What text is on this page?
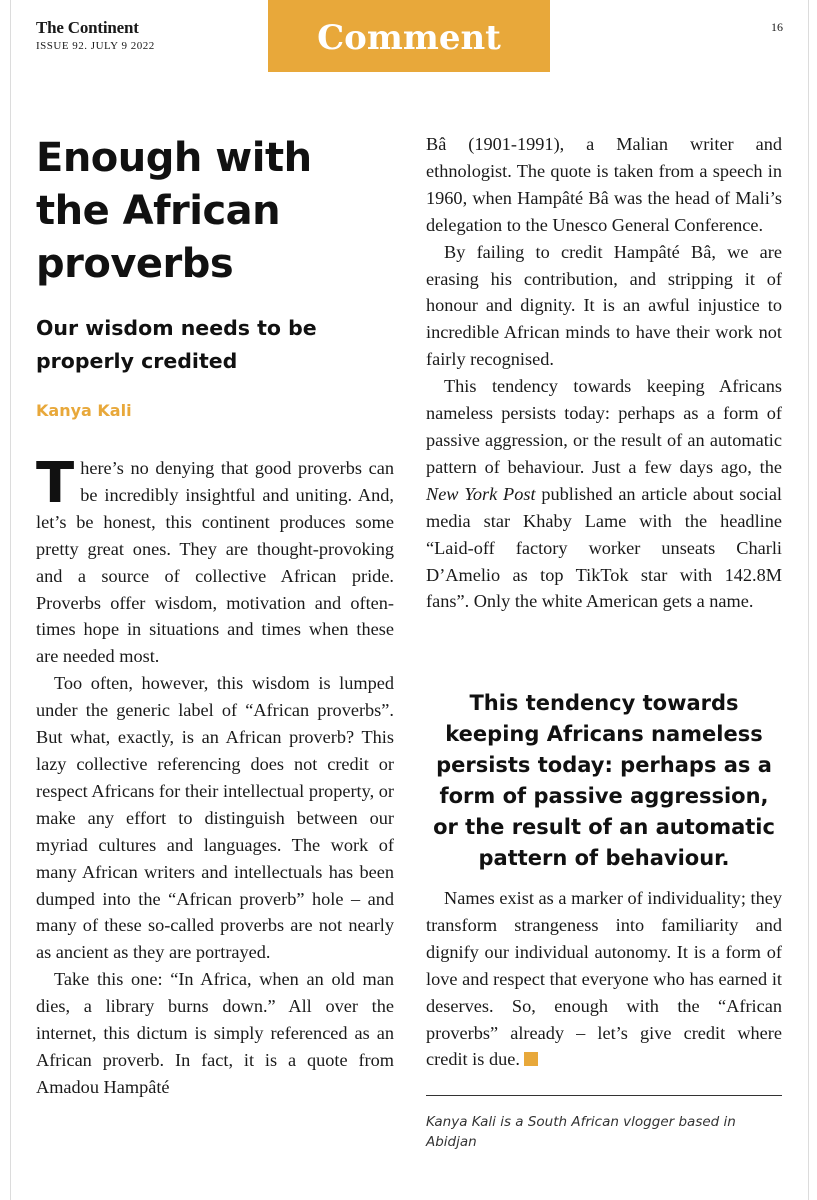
The Continent
ISSUE 92. JULY 9 2022	Comment	16
Enough with the African proverbs
Our wisdom needs to be properly credited
Kanya Kali

There’s no denying that good proverbs can be incredibly insightful and uniting. And, let’s be honest, this continent produces some pretty great ones. They are thought-provoking and a source of collective African pride. Proverbs offer wisdom, motivation and often-times hope in situations and times when these are needed most.

Too often, however, this wisdom is lumped under the generic label of “African proverbs”. But what, exactly, is an African proverb? This lazy collective referencing does not credit or respect Africans for their intellectual property, or make any effort to distinguish between our myriad cultures and languages. The work of many African writers and intellectuals has been dumped into the “African proverb” hole – and many of these so-called proverbs are not nearly as ancient as they are portrayed.

Take this one: “In Africa, when an old man dies, a library burns down.” All over the internet, this dictum is simply referenced as an African proverb. In fact, it is a quote from Amadou Hampâté

Bâ (1901-1991), a Malian writer and ethnologist. The quote is taken from a speech in 1960, when Hampâté Bâ was the head of Mali’s delegation to the Unesco General Conference.

By failing to credit Hampâté Bâ, we are erasing his contribution, and stripping it of honour and dignity. It is an awful injustice to incredible African minds to have their work not fairly recognised.

This tendency towards keeping Africans nameless persists today: perhaps as a form of passive aggression, or the result of an automatic pattern of behaviour. Just a few days ago, the New York Post published an article about social media star Khaby Lame with the headline “Laid-off factory worker unseats Charli D’Amelio as top TikTok star with 142.8M fans”. Only the white American gets a name.

This tendency towards keeping Africans nameless persists today: perhaps as a form of passive aggression, or the result of an automatic pattern of behaviour.

Names exist as a marker of individuality; they transform strangeness into familiarity and dignify our individual autonomy. It is a form of love and respect that everyone who has earned it deserves. So, enough with the “African proverbs” already – let’s give credit where credit is due.

Kanya Kali is a South African vlogger based in Abidjan
